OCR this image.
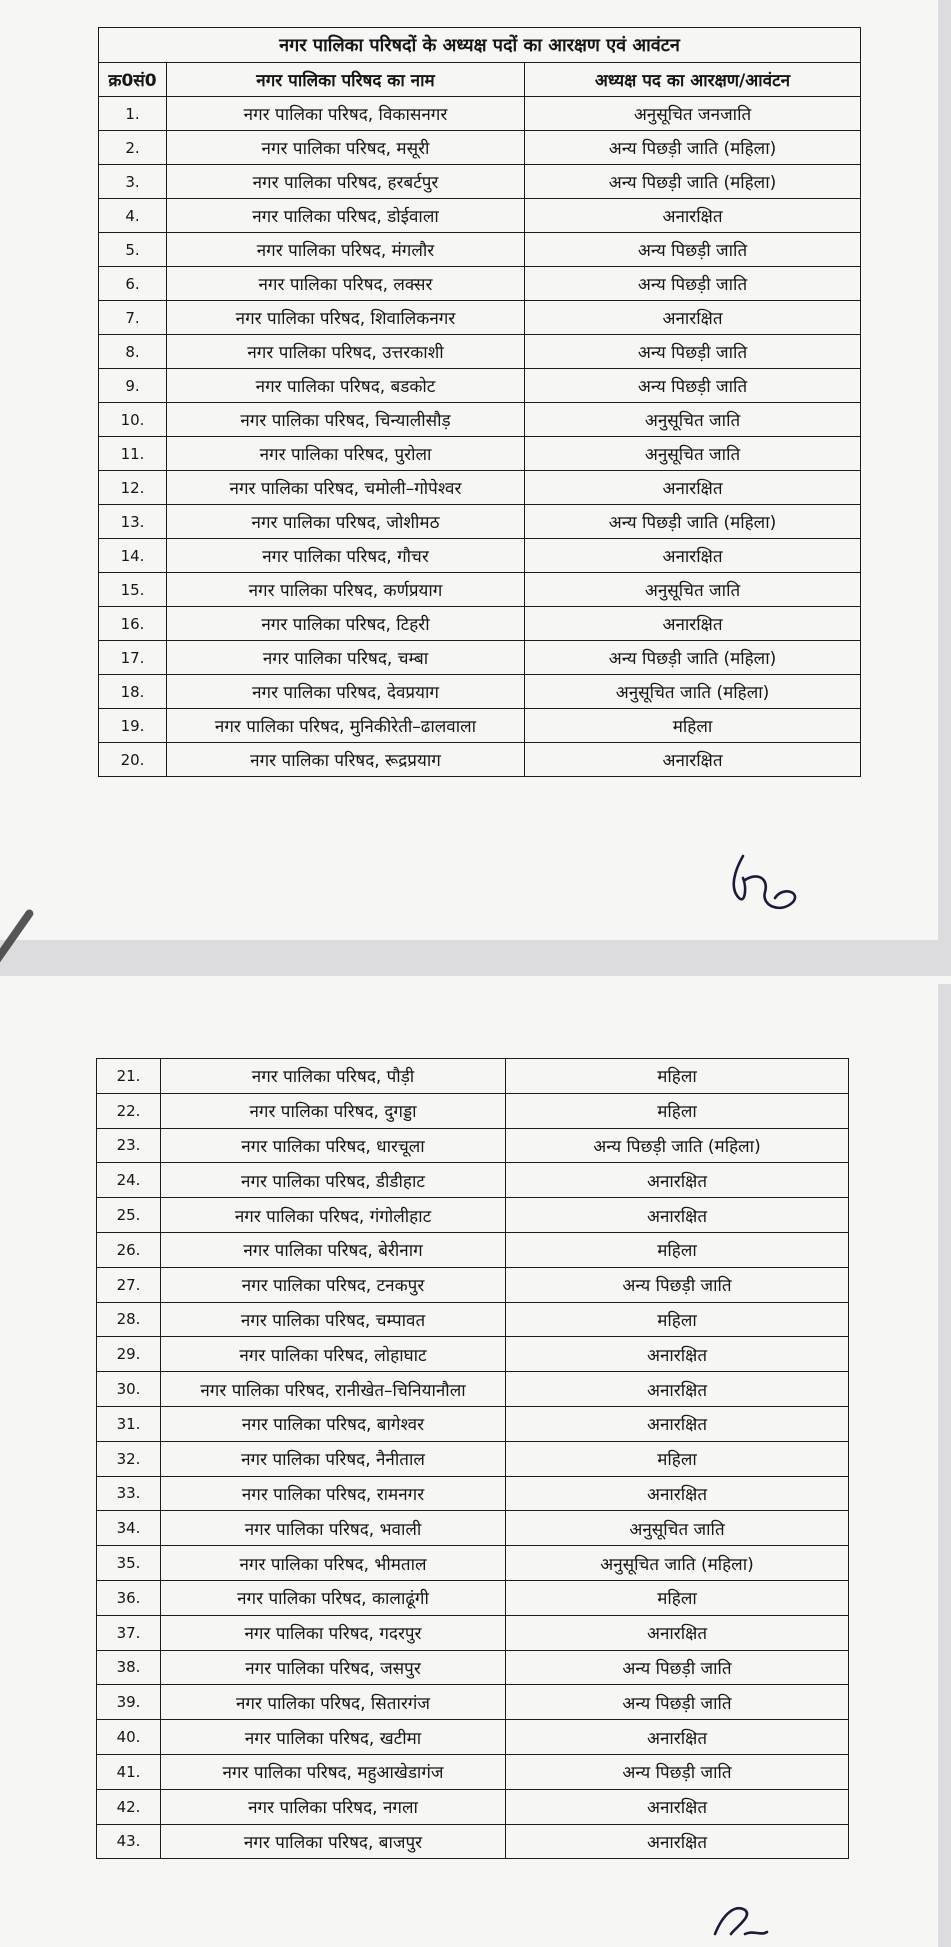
नगर पालिका परिषदों के अध्यक्ष पदों का आरक्षण एवं आवंटन		
क्र0सं0	नगर पालिका परिषद का नाम	अध्यक्ष पद का आरक्षण/आवंटन
1.	नगर पालिका परिषद, विकासनगर	अनुसूचित जनजाति
2.	नगर पालिका परिषद, मसूरी	अन्य पिछड़ी जाति (महिला)
3.	नगर पालिका परिषद, हरबर्टपुर	अन्य पिछड़ी जाति (महिला)
4.	नगर पालिका परिषद, डोईवाला	अनारक्षित
5.	नगर पालिका परिषद, मंगलौर	अन्य पिछड़ी जाति
6.	नगर पालिका परिषद, लक्सर	अन्य पिछड़ी जाति
7.	नगर पालिका परिषद, शिवालिकनगर	अनारक्षित
8.	नगर पालिका परिषद, उत्तरकाशी	अन्य पिछड़ी जाति
9.	नगर पालिका परिषद, बडकोट	अन्य पिछड़ी जाति
10.	नगर पालिका परिषद, चिन्यालीसौड़	अनुसूचित जाति
11.	नगर पालिका परिषद, पुरोला	अनुसूचित जाति
12.	नगर पालिका परिषद, चमोली–गोपेश्वर	अनारक्षित
13.	नगर पालिका परिषद, जोशीमठ	अन्य पिछड़ी जाति (महिला)
14.	नगर पालिका परिषद, गौचर	अनारक्षित
15.	नगर पालिका परिषद, कर्णप्रयाग	अनुसूचित जाति
16.	नगर पालिका परिषद, टिहरी	अनारक्षित
17.	नगर पालिका परिषद, चम्बा	अन्य पिछड़ी जाति (महिला)
18.	नगर पालिका परिषद, देवप्रयाग	अनुसूचित जाति (महिला)
19.	नगर पालिका परिषद, मुनिकीरेती–ढालवाला	महिला
20.	नगर पालिका परिषद, रूद्रप्रयाग	अनारक्षित
21.	नगर पालिका परिषद, पौड़ी	महिला
22.	नगर पालिका परिषद, दुगड्डा	महिला
23.	नगर पालिका परिषद, धारचूला	अन्य पिछड़ी जाति (महिला)
24.	नगर पालिका परिषद, डीडीहाट	अनारक्षित
25.	नगर पालिका परिषद, गंगोलीहाट	अनारक्षित
26.	नगर पालिका परिषद, बेरीनाग	महिला
27.	नगर पालिका परिषद, टनकपुर	अन्य पिछड़ी जाति
28.	नगर पालिका परिषद, चम्पावत	महिला
29.	नगर पालिका परिषद, लोहाघाट	अनारक्षित
30.	नगर पालिका परिषद, रानीखेत–चिनियानौला	अनारक्षित
31.	नगर पालिका परिषद, बागेश्वर	अनारक्षित
32.	नगर पालिका परिषद, नैनीताल	महिला
33.	नगर पालिका परिषद, रामनगर	अनारक्षित
34.	नगर पालिका परिषद, भवाली	अनुसूचित जाति
35.	नगर पालिका परिषद, भीमताल	अनुसूचित जाति (महिला)
36.	नगर पालिका परिषद, कालाढूंगी	महिला
37.	नगर पालिका परिषद, गदरपुर	अनारक्षित
38.	नगर पालिका परिषद, जसपुर	अन्य पिछड़ी जाति
39.	नगर पालिका परिषद, सितारगंज	अन्य पिछड़ी जाति
40.	नगर पालिका परिषद, खटीमा	अनारक्षित
41.	नगर पालिका परिषद, महुआखेडागंज	अन्य पिछड़ी जाति
42.	नगर पालिका परिषद, नगला	अनारक्षित
43.	नगर पालिका परिषद, बाजपुर	अनारक्षित
